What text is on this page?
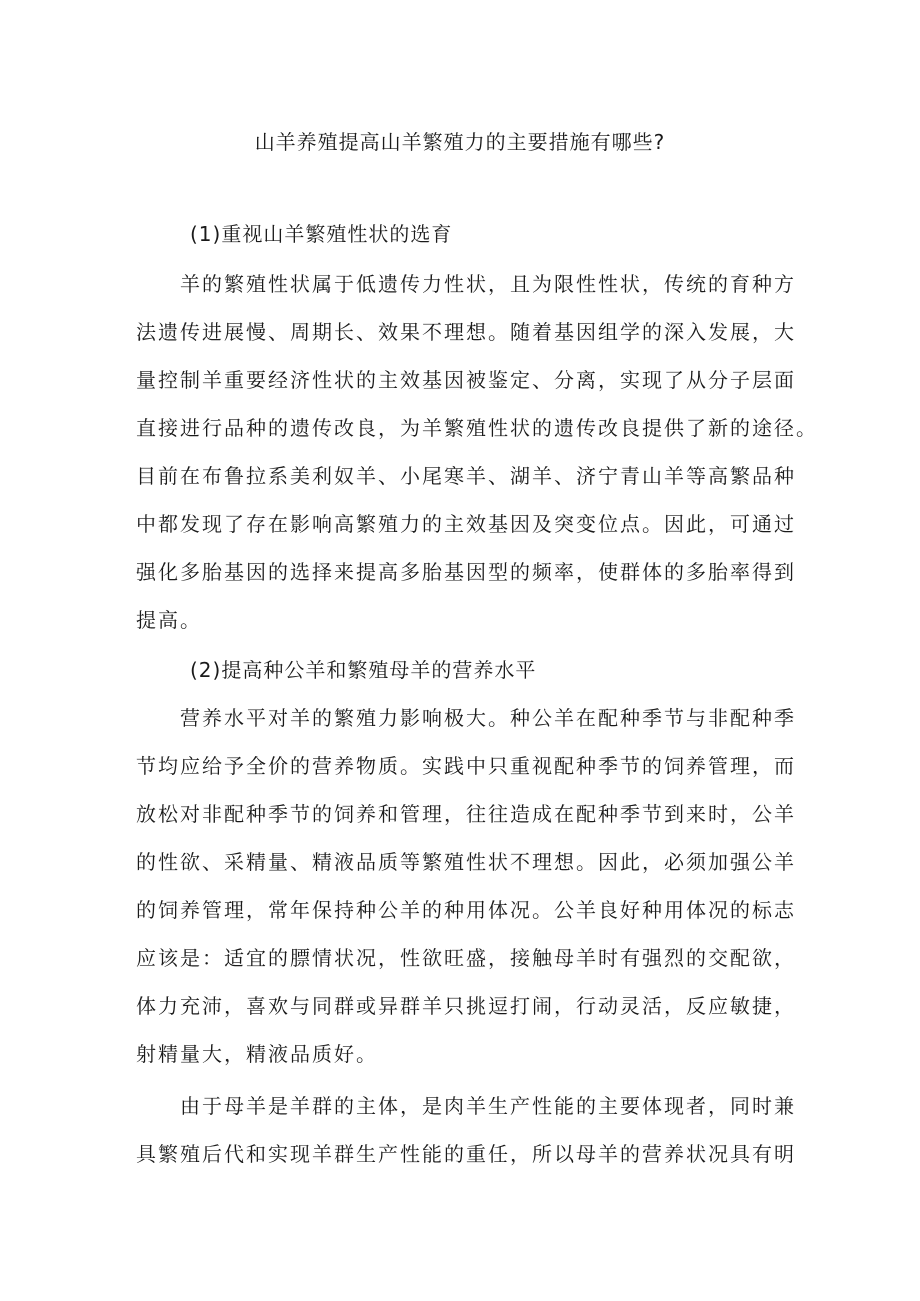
山羊养殖提高山羊繁殖力的主要措施有哪些?
(1)重视山羊繁殖性状的选育
羊的繁殖性状属于低遗传力性状，且为限性性状，传统的育种方
法遗传进展慢、周期长、效果不理想。随着基因组学的深入发展，大
量控制羊重要经济性状的主效基因被鉴定、分离，实现了从分子层面
直接进行品种的遗传改良，为羊繁殖性状的遗传改良提供了新的途径。
目前在布鲁拉系美利奴羊、小尾寒羊、湖羊、济宁青山羊等高繁品种
中都发现了存在影响高繁殖力的主效基因及突变位点。因此，可通过
强化多胎基因的选择来提高多胎基因型的频率，使群体的多胎率得到
提高。
(2)提高种公羊和繁殖母羊的营养水平
营养水平对羊的繁殖力影响极大。种公羊在配种季节与非配种季
节均应给予全价的营养物质。实践中只重视配种季节的饲养管理，而
放松对非配种季节的饲养和管理，往往造成在配种季节到来时，公羊
的性欲、采精量、精液品质等繁殖性状不理想。因此，必须加强公羊
的饲养管理，常年保持种公羊的种用体况。公羊良好种用体况的标志
应该是：适宜的膘情状况，性欲旺盛，接触母羊时有强烈的交配欲，
体力充沛，喜欢与同群或异群羊只挑逗打闹，行动灵活，反应敏捷，
射精量大，精液品质好。
由于母羊是羊群的主体，是肉羊生产性能的主要体现者，同时兼
具繁殖后代和实现羊群生产性能的重任，所以母羊的营养状况具有明
